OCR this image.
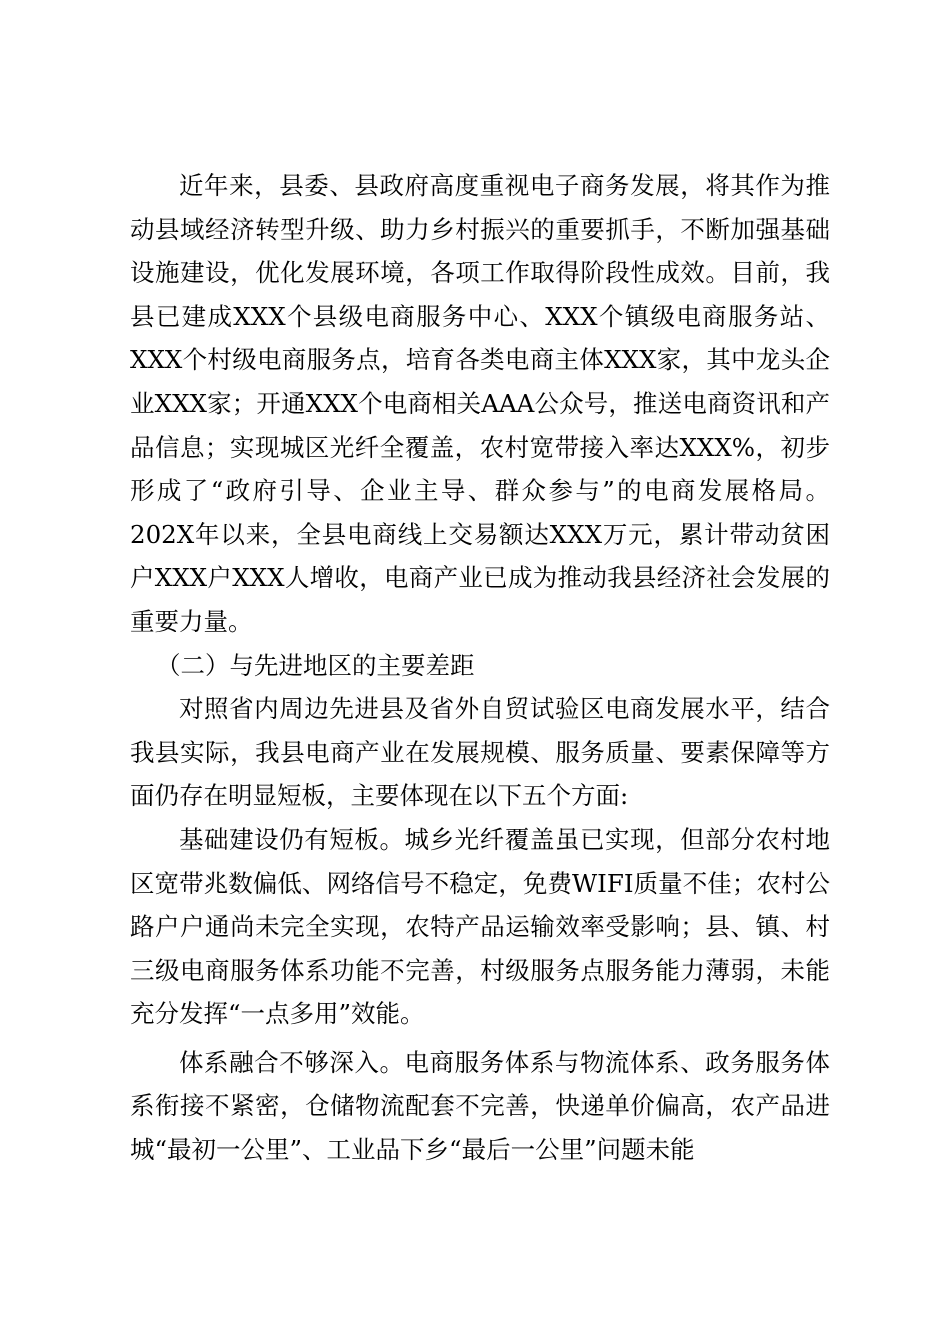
近年来，县委、县政府高度重视电子商务发展，将其作为推动县域经济转型升级、助力乡村振兴的重要抓手，不断加强基础设施建设，优化发展环境，各项工作取得阶段性成效。目前，我县已建成XXX个县级电商服务中心、XXX个镇级电商服务站、XXX个村级电商服务点，培育各类电商主体XXX家，其中龙头企业XXX家；开通XXX个电商相关AAA公众号，推送电商资讯和产品信息；实现城区光纤全覆盖，农村宽带接入率达XXX%，初步形成了“政府引导、企业主导、群众参与”的电商发展格局。202X年以来，全县电商线上交易额达XXX万元，累计带动贫困户XXX户XXX人增收，电商产业已成为推动我县经济社会发展的重要力量。

（二）与先进地区的主要差距

对照省内周边先进县及省外自贸试验区电商发展水平，结合我县实际，我县电商产业在发展规模、服务质量、要素保障等方面仍存在明显短板，主要体现在以下五个方面:

基础建设仍有短板。城乡光纤覆盖虽已实现，但部分农村地区宽带兆数偏低、网络信号不稳定，免费WIFI质量不佳；农村公路户户通尚未完全实现，农特产品运输效率受影响；县、镇、村三级电商服务体系功能不完善，村级服务点服务能力薄弱，未能充分发挥“一点多用”效能。

体系融合不够深入。电商服务体系与物流体系、政务服务体系衔接不紧密，仓储物流配套不完善，快递单价偏高，农产品进城“最初一公里”、工业品下乡“最后一公里”问题未能
